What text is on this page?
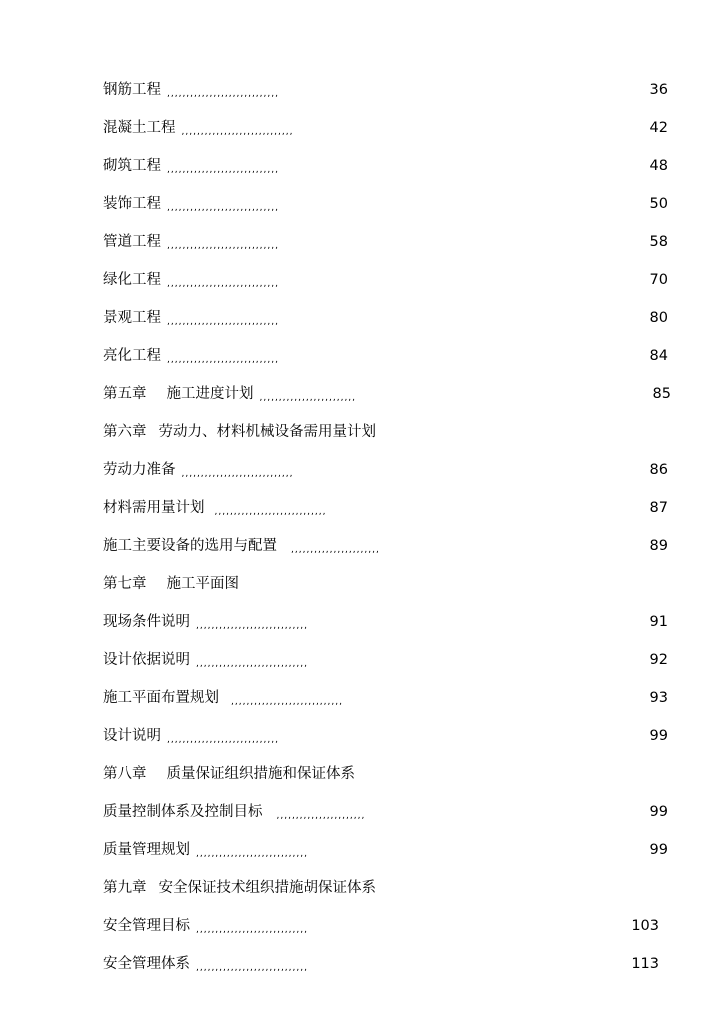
钢筋工程 ,,,,,,,,,,,,,,,,,,,,,,,,,,,,,	36
混凝土工程 ,,,,,,,,,,,,,,,,,,,,,,,,,,,,,	42
砌筑工程 ,,,,,,,,,,,,,,,,,,,,,,,,,,,,,	48
装饰工程 ,,,,,,,,,,,,,,,,,,,,,,,,,,,,,	50
管道工程 ,,,,,,,,,,,,,,,,,,,,,,,,,,,,,	58
绿化工程 ,,,,,,,,,,,,,,,,,,,,,,,,,,,,,	70
景观工程 ,,,,,,,,,,,,,,,,,,,,,,,,,,,,,	80
亮化工程 ,,,,,,,,,,,,,,,,,,,,,,,,,,,,,	84
第五章 施工进度计划 ,,,,,,,,,,,,,,,,,,,,,,,,,	85
第六章 劳动力、材料机械设备需用量计划
劳动力准备 ,,,,,,,,,,,,,,,,,,,,,,,,,,,,,	86
材料需用量计划 ,,,,,,,,,,,,,,,,,,,,,,,,,,,,,	87
施工主要设备的选用与配置 ,,,,,,,,,,,,,,,,,,,,,,,	89
第七章 施工平面图
现场条件说明 ,,,,,,,,,,,,,,,,,,,,,,,,,,,,,	91
设计依据说明 ,,,,,,,,,,,,,,,,,,,,,,,,,,,,,	92
施工平面布置规划 ,,,,,,,,,,,,,,,,,,,,,,,,,,,,,	93
设计说明 ,,,,,,,,,,,,,,,,,,,,,,,,,,,,,	99
第八章 质量保证组织措施和保证体系
质量控制体系及控制目标 ,,,,,,,,,,,,,,,,,,,,,,,	99
质量管理规划 ,,,,,,,,,,,,,,,,,,,,,,,,,,,,,	99
第九章 安全保证技术组织措施胡保证体系
安全管理目标 ,,,,,,,,,,,,,,,,,,,,,,,,,,,,,	103
安全管理体系 ,,,,,,,,,,,,,,,,,,,,,,,,,,,,,	113
